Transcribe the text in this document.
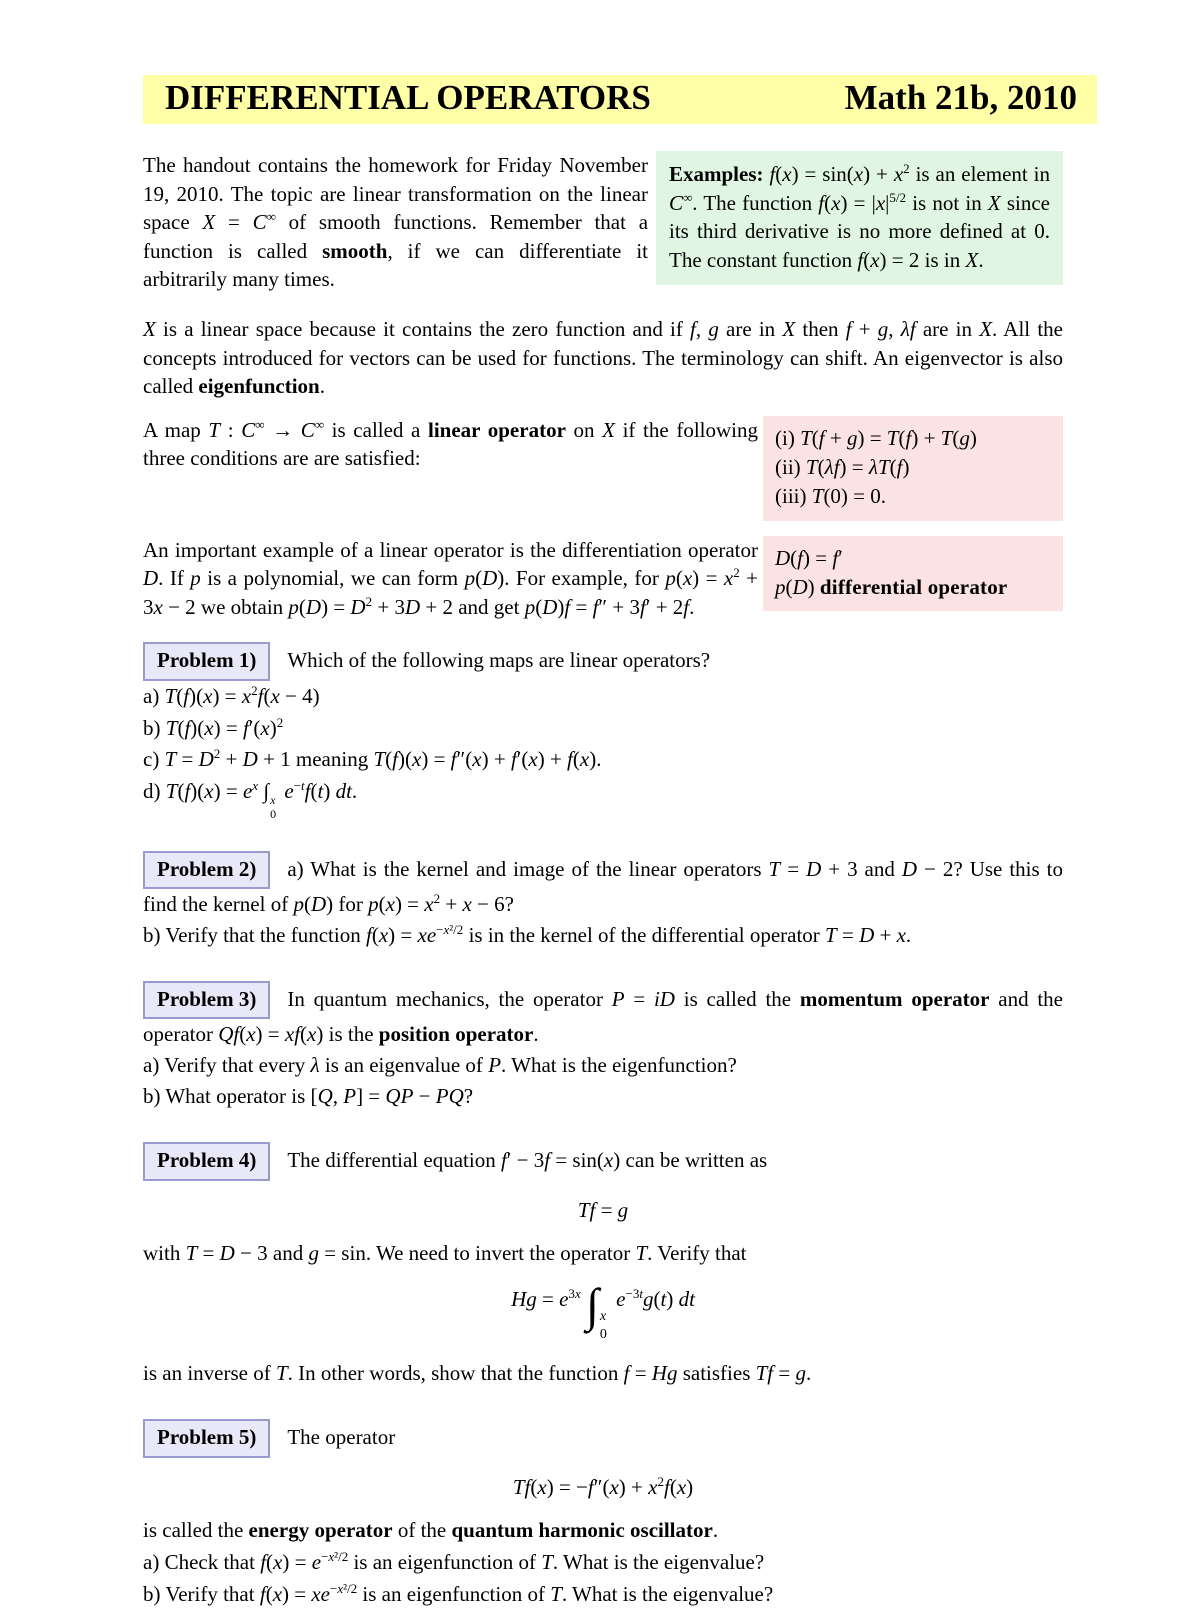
DIFFERENTIAL OPERATORS	Math 21b, 2010

The handout contains the homework for Friday November 19, 2010. The topic are linear transformation on the linear space X = C∞ of smooth functions. Remember that a function is called smooth, if we can differentiate it arbitrarily many times.

Examples: $f(x) = \sin(x) + x^2$ is an element in C∞. The function $f(x) = |x|^{5/2}$ is not in X since its third derivative is no more defined at 0. The constant function f(x) = 2 is in X.

X is a linear space because it contains the zero function and if f, g are in X then f + g, λf are in X. All the concepts introduced for vectors can be used for functions. The terminology can shift. An eigenvector is also called eigenfunction.

A map T : C∞ → C∞ is called a linear operator on X if the following three conditions are are satisfied:

(i) T(f + g) = T(f) + T(g)
(ii) T(λf) = λT(f)
(iii) T(0) = 0.

An important example of a linear operator is the differentiation operator D. If p is a polynomial, we can form p(D). For example, for $p(x) = x^2 + 3x - 2$ we obtain $p(D) = D^2 + 3D + 2$ and get p(D)f = f″ + 3f′ + 2f.

D(f) = f′
p(D) differential operator

Problem 1) Which of the following maps are linear operators?

a) $T(f)(x) = x^2f(x - 4)$

b) $T(f)(x) = f'(x)^2$

c) $T = D^2 + D + 1$ meaning T(f)(x) = f″(x) + f′(x) + f(x).

d) $T(f)(x) = e^x$ ∫ x
0
$e^{-t}f(t)$ dt.

Problem 2) a) What is the kernel and image of the linear operators T = D + 3 and D − 2? Use this to find the kernel of p(D) for $p(x) = x^2 + x - 6$?

b) Verify that the function $f(x) = xe^{-x^2/2}$ is in the kernel of the differential operator T = D + x.

Problem 3) In quantum mechanics, the operator P = iD is called the momentum operator and the operator Qf(x) = xf(x) is the position operator.

a) Verify that every λ is an eigenvalue of P. What is the eigenfunction?

b) What operator is [Q, P] = QP − PQ?

Problem 4) The differential equation f′ − 3f = sin(x) can be written as

Tf = g

with T = D − 3 and g = sin. We need to invert the operator T. Verify that

$Hg = e^{3x}$ ∫ x
0
$e^{-3t}g(t)$ dt

is an inverse of T. In other words, show that the function f = Hg satisfies Tf = g.

Problem 5) The operator

$Tf(x) = -f''(x) + x^2f(x)$

is called the energy operator of the quantum harmonic oscillator.

a) Check that $f(x) = e^{-x^2/2}$ is an eigenfunction of T. What is the eigenvalue?

b) Verify that $f(x) = xe^{-x^2/2}$ is an eigenfunction of T. What is the eigenvalue?
